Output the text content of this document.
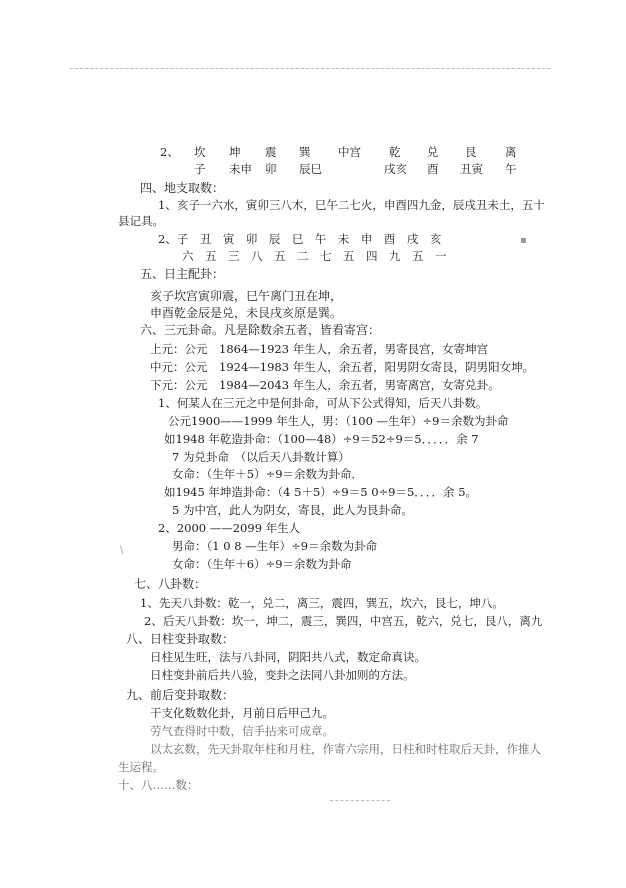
▪
\
2、 坎 坤 震 巽 中宫 乾 兑 艮 离
子 未申 卯 辰巳	戌亥 酉 丑寅 午
四、地支取数：
1、亥子一六水，寅卯三八木，巳午二七火，申酉四九金，辰戌丑未土，五十
县记具。
2、子　丑　寅　卯　辰　巳　午　未　申　酉　戌　亥
六　五　三　八　五　二　七　五　四　九　五　一
五、日主配卦：
亥子坎宫寅卯震，巳午离门丑在坤，
申酉乾金辰是兑，未艮戌亥原是巽。
六、三元卦命。凡是除数余五者，皆看寄宫：
上元：公元　1864—1923 年生人，余五者，男寄艮宫，女寄坤宫
中元：公元　1924—1983 年生人，余五者，阳男阴女寄艮，阴男阳女坤。
下元：公元　1984—2043 年生人，余五者，男寄离宫，女寄兑卦。
1、何某人在三元之中是何卦命，可从下公式得知，后天八卦数。
公元1900——1999 年生人，男：（100 —生年）÷9＝余数为卦命
如1948 年乾造卦命：（100—48）÷9＝52÷9＝5．．．．．余 7
7 为兑卦命　（以后天八卦数计算）
女命：（生年＋5）÷9＝余数为卦命．
如1945 年坤造卦命：（4 5＋5）÷9＝5 0÷9＝5．．．．余 5。
5 为中宫，此人为阴女，寄艮，此人为艮卦命。
2、2000 ——2099 年生人
男命：（1 0 8 —生年）÷9＝余数为卦命
女命：（生年＋6）÷9＝余数为卦命
七、八卦数：
1、先天八卦数：乾一，兑二，离三，震四，巽五，坎六，艮七，坤八。
2、后天八卦数：坎一，坤二，震三，巽四，中宫五，乾六，兑七，艮八，离九
八、日柱变卦取数：
日柱见生旺，法与八卦同，阴阳共八式，数定命真诀。
日柱变卦前后共八验，变卦之法同八卦加则的方法。
九、前后变卦取数：
干支化数数化卦，月前日后甲己九。
劳气查得时中数，信手拈来可成章。
以太玄数，先天卦取年柱和月柱，作寄六宗用，日柱和时柱取后天卦，作推人
生运程。
十、八……数：
